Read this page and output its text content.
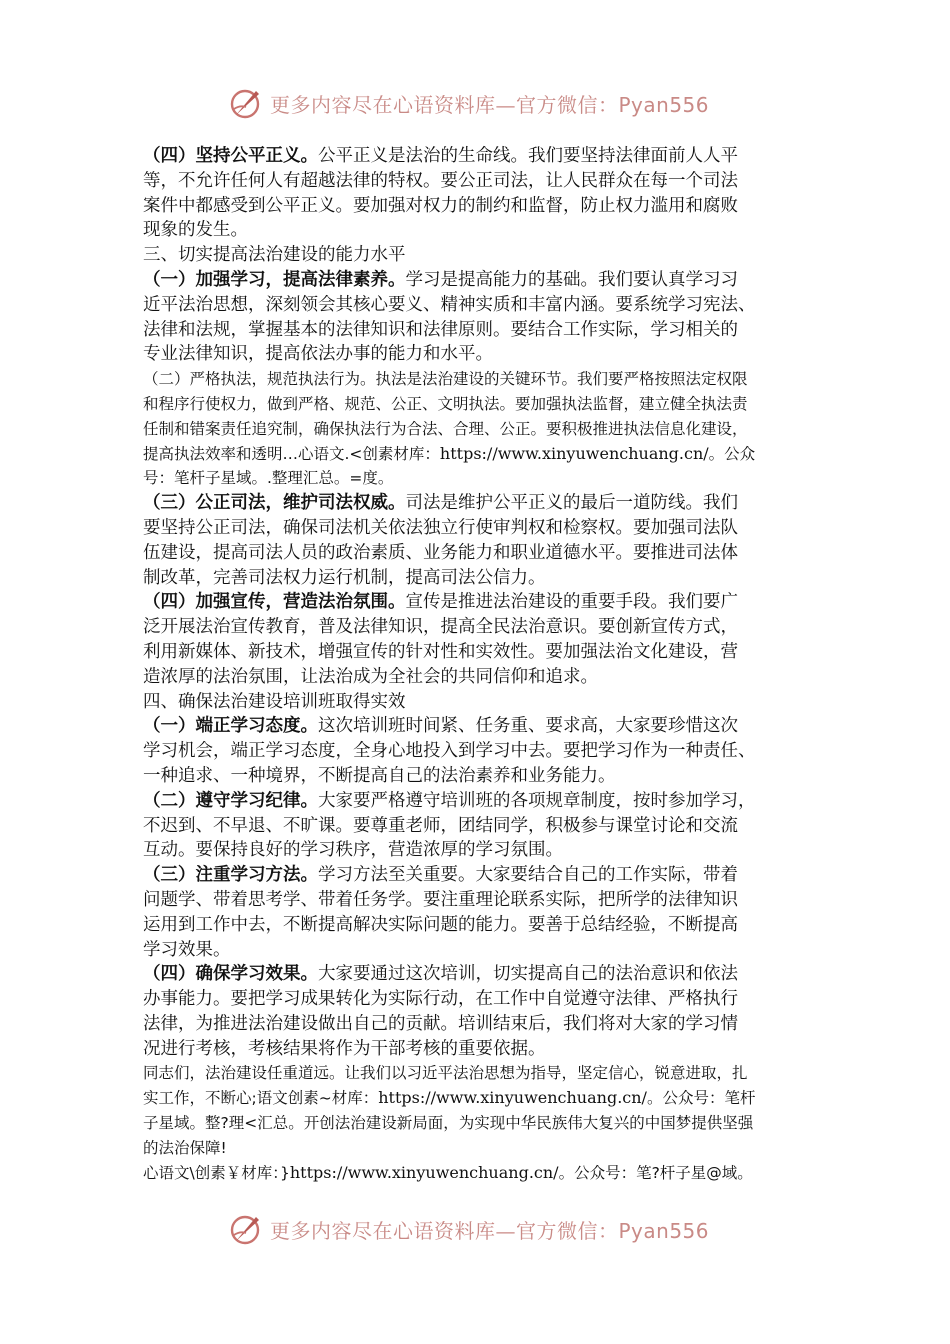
更多内容尽在心语资料库—官方微信：Pyan556
（四）坚持公平正义。公平正义是法治的生命线。我们要坚持法律面前人人平
等，不允许任何人有超越法律的特权。要公正司法，让人民群众在每一个司法
案件中都感受到公平正义。要加强对权力的制约和监督，防止权力滥用和腐败
现象的发生。
三、切实提高法治建设的能力水平
（一）加强学习，提高法律素养。学习是提高能力的基础。我们要认真学习习
近平法治思想，深刻领会其核心要义、精神实质和丰富内涵。要系统学习宪法、
法律和法规，掌握基本的法律知识和法律原则。要结合工作实际，学习相关的
专业法律知识，提高依法办事的能力和水平。
（二）严格执法，规范执法行为。执法是法治建设的关键环节。我们要严格按照法定权限
和程序行使权力，做到严格、规范、公正、文明执法。要加强执法监督，建立健全执法责
任制和错案责任追究制，确保执法行为合法、合理、公正。要积极推进执法信息化建设，
提高执法效率和透明…心语文.<创素材库：https://www.xinyuwenchuang.cn/。公众
号：笔杆子星域。.整理汇总。=度。
（三）公正司法，维护司法权威。司法是维护公平正义的最后一道防线。我们
要坚持公正司法，确保司法机关依法独立行使审判权和检察权。要加强司法队
伍建设，提高司法人员的政治素质、业务能力和职业道德水平。要推进司法体
制改革，完善司法权力运行机制，提高司法公信力。
（四）加强宣传，营造法治氛围。宣传是推进法治建设的重要手段。我们要广
泛开展法治宣传教育，普及法律知识，提高全民法治意识。要创新宣传方式，
利用新媒体、新技术，增强宣传的针对性和实效性。要加强法治文化建设，营
造浓厚的法治氛围，让法治成为全社会的共同信仰和追求。
四、确保法治建设培训班取得实效
（一）端正学习态度。这次培训班时间紧、任务重、要求高，大家要珍惜这次
学习机会，端正学习态度，全身心地投入到学习中去。要把学习作为一种责任、
一种追求、一种境界，不断提高自己的法治素养和业务能力。
（二）遵守学习纪律。大家要严格遵守培训班的各项规章制度，按时参加学习，
不迟到、不早退、不旷课。要尊重老师，团结同学，积极参与课堂讨论和交流
互动。要保持良好的学习秩序，营造浓厚的学习氛围。
（三）注重学习方法。学习方法至关重要。大家要结合自己的工作实际，带着
问题学、带着思考学、带着任务学。要注重理论联系实际，把所学的法律知识
运用到工作中去，不断提高解决实际问题的能力。要善于总结经验，不断提高
学习效果。
（四）确保学习效果。大家要通过这次培训，切实提高自己的法治意识和依法
办事能力。要把学习成果转化为实际行动，在工作中自觉遵守法律、严格执行
法律，为推进法治建设做出自己的贡献。培训结束后，我们将对大家的学习情
况进行考核，考核结果将作为干部考核的重要依据。
同志们，法治建设任重道远。让我们以习近平法治思想为指导，坚定信心，锐意进取，扎
实工作，不断心;语文创素~材库：https://www.xinyuwenchuang.cn/。公众号：笔杆
子星域。整?理<汇总。开创法治建设新局面，为实现中华民族伟大复兴的中国梦提供坚强
的法治保障!
心语文\创素￥材库：}https://www.xinyuwenchuang.cn/。公众号：笔?杆子星@域。
更多内容尽在心语资料库—官方微信：Pyan556
